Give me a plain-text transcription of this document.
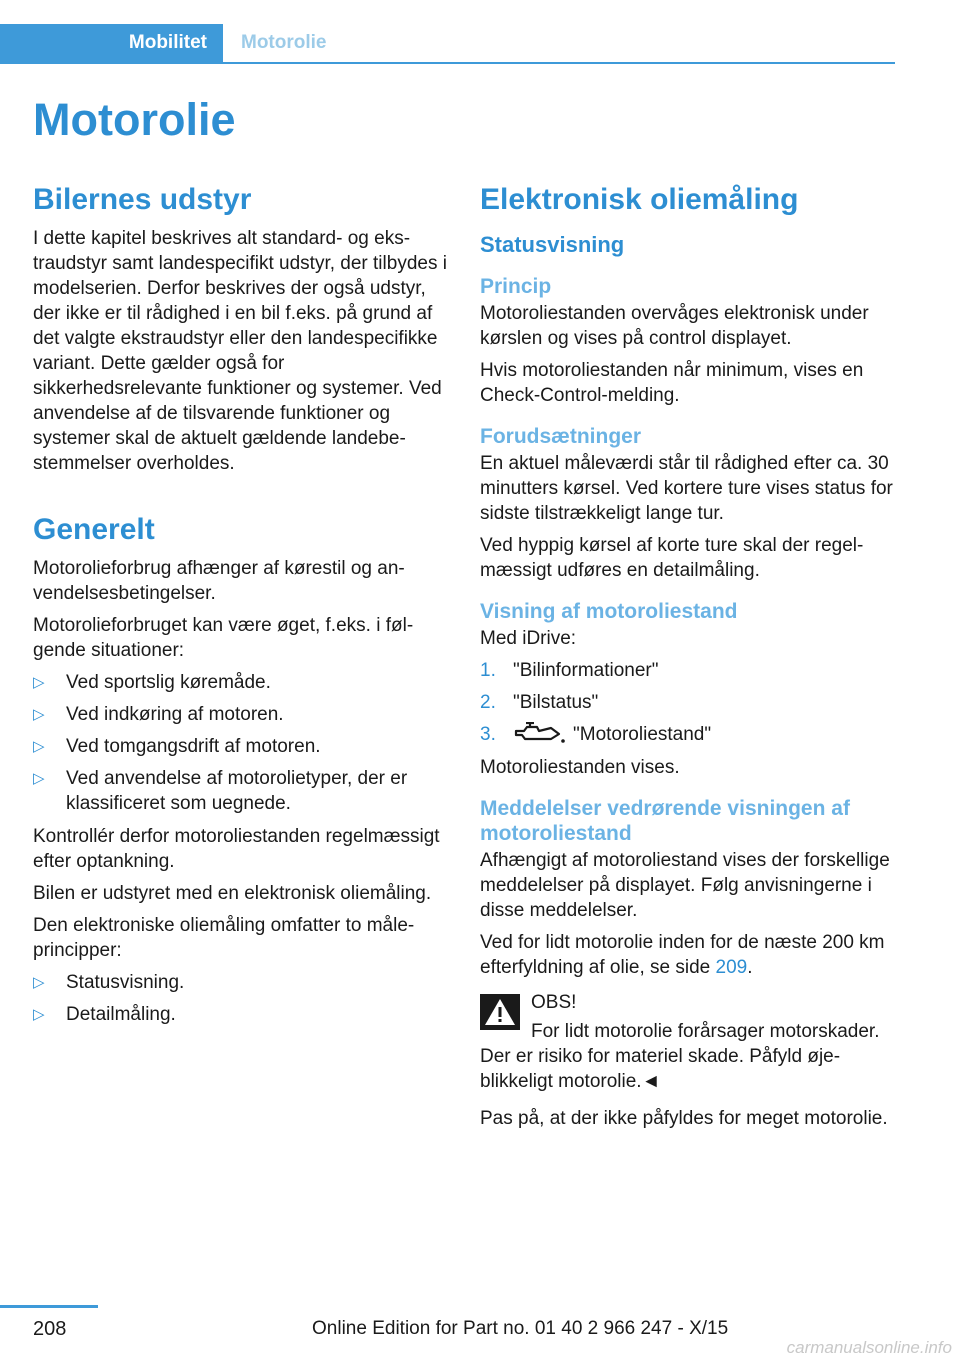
Mobilitet	Motorolie
Motorolie
Bilernes udstyr

I dette kapitel beskrives alt standard- og ekstraudstyr samt landespecifikt udstyr, der tilbydes i modelserien. Derfor beskrives der også udstyr, der ikke er til rådighed i en bil f.eks. på grund af det valgte ekstraudstyr eller den landespecifikke variant. Dette gælder også for sikkerhedsrelevante funktioner og systemer. Ved anvendelse af de tilsvarende funktioner og systemer skal de aktuelt gældende landebestemmelser overholdes.

Generelt

Motorolieforbrug afhænger af kørestil og anvendelsesbetingelser.

Motorolieforbruget kan være øget, f.eks. i følgende situationer:

▷ Ved sportslig køremåde.
▷ Ved indkøring af motoren.
▷ Ved tomgangsdrift af motoren.
▷ Ved anvendelse af motorolietyper, der er klassificeret som uegnede.

Kontrollér derfor motoroliestanden regelmæssigt efter optankning.

Bilen er udstyret med en elektronisk oliemåling.

Den elektroniske oliemåling omfatter to måleprincipper:

▷ Statusvisning.
▷ Detailmåling.
Elektronisk oliemåling
Statusvisning
Princip

Motoroliestanden overvåges elektronisk under kørslen og vises på control displayet.

Hvis motoroliestanden når minimum, vises en Check-Control-melding.

Forudsætninger

En aktuel måleværdi står til rådighed efter ca. 30 minutters kørsel. Ved kortere ture vises status for sidste tilstrækkeligt lange tur.

Ved hyppig kørsel af korte ture skal der regelmæssigt udføres en detailmåling.

Visning af motoroliestand

Med iDrive:

1. "Bilinformationer"
2. "Bilstatus"
3.	"Motoroliestand"

Motoroliestanden vises.

Meddelelser vedrørende visningen af motoroliestand

Afhængigt af motoroliestand vises der forskellige meddelelser på displayet. Følg anvisningerne i disse meddelelser.

Ved for lidt motorolie inden for de næste 200 km efterfyldning af olie, se side 209.

OBS!

For lidt motorolie forårsager motorskader. Der er risiko for materiel skade. Påfyld øjeblikkeligt motorolie.◄

Pas på, at der ikke påfyldes for meget motorolie.

208	Online Edition for Part no. 01 40 2 966 247 - X/15
carmanualsonline.info
